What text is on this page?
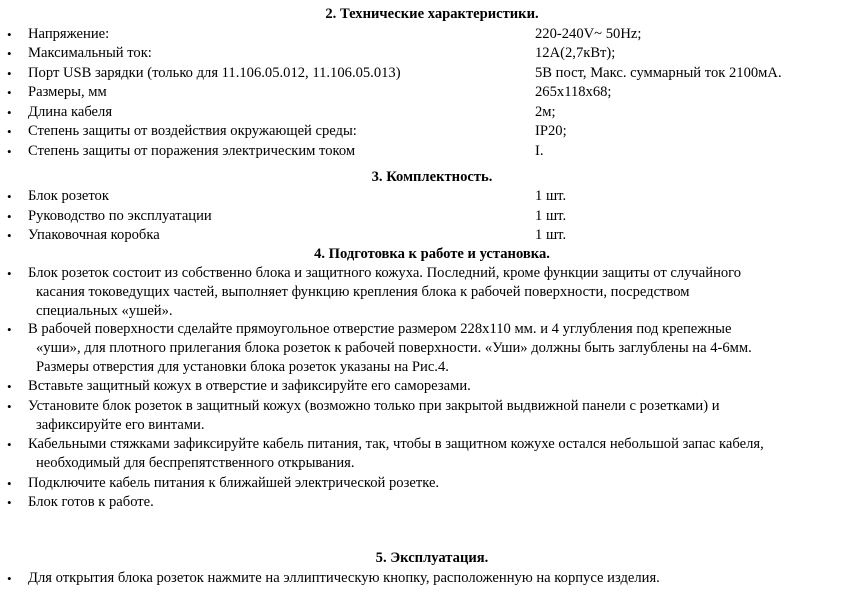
2. Технические характеристики.
• Напряжение:	220-240V~ 50Hz;
• Максимальный ток:	12А(2,7кВт);
• Порт USB зарядки (только для 11.106.05.012, 11.106.05.013)	5В пост, Макс. суммарный ток 2100мА.
• Размеры, мм	265x118x68;
• Длина кабеля	2м;
• Степень защиты от воздействия окружающей среды:	IP20;
• Степень защиты от поражения электрическим током	I.
3. Комплектность.
• Блок розеток	1 шт.
• Руководство по эксплуатации	1 шт.
• Упаковочная коробка	1 шт.
4. Подготовка к работе и установка.
• Блок розеток состоит из собственно блока и защитного кожуха. Последний, кроме функции защиты от случайного
касания токоведущих частей, выполняет функцию крепления блока к рабочей поверхности, посредством
специальных «ушей».
• В рабочей поверхности сделайте прямоугольное отверстие размером 228x110 мм. и 4 углубления под крепежные
«уши», для плотного прилегания блока розеток к рабочей поверхности. «Уши» должны быть заглублены на 4-6мм.
Размеры отверстия для установки блока розеток указаны на Рис.4.
• Вставьте защитный кожух в отверстие и зафиксируйте его саморезами.
• Установите блок розеток в защитный кожух (возможно только при закрытой выдвижной панели с розетками) и
зафиксируйте его винтами.
• Кабельными стяжками зафиксируйте кабель питания, так, чтобы в защитном кожухе остался небольшой запас кабеля,
необходимый для беспрепятственного открывания.
• Подключите кабель питания к ближайшей электрической розетке.
• Блок готов к работе.
5. Эксплуатация.
• Для открытия блока розеток нажмите на эллиптическую кнопку, расположенную на корпусе изделия.
